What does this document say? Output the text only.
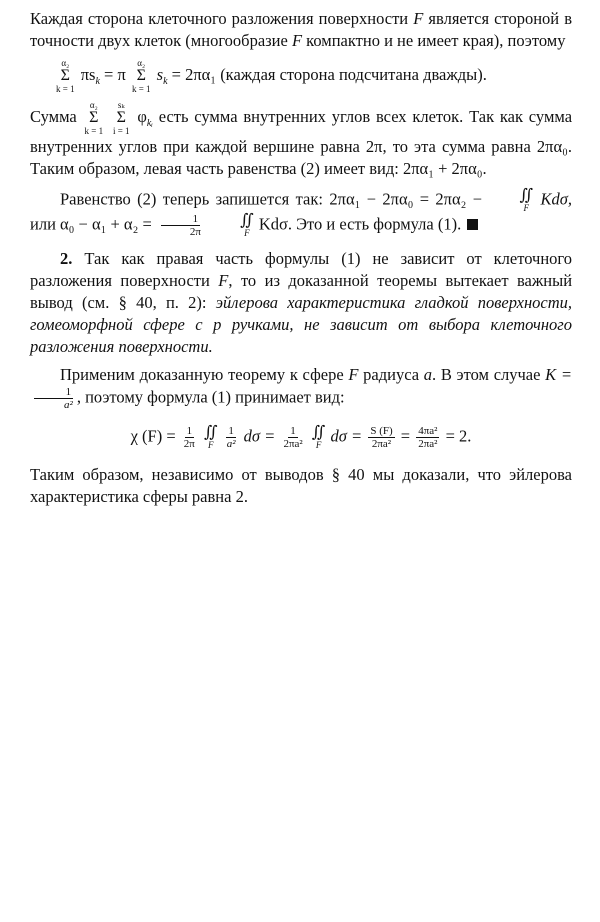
Каждая сторона клеточного разложения поверхности F является стороной в точности двух клеток (многообразие F компактно и не имеет края), поэтому

α₂
Σ
k = 1
$\pi s_k = \pi$
α₂
Σ
k = 1
$s_k = 2\pi\alpha_1$ (каждая сторона подсчитана дважды).

Сумма
α₂
Σ
k = 1

sₖ
Σ
i = 1
$\varphi_{kᵢ}$ есть сумма внутренних углов всех клеток. Так как сумма внутренних углов при каждой вершине равна 2π, то эта сумма равна 2πα₀. Таким образом, левая часть равенства (2) имеет вид: 2πα₁ + 2πα₀.

Равенство (2) теперь запишется так: 2πα₁ − 2πα₀ = 2πα₂ −	∬
F Kdσ, или $\alpha_0 - \alpha_1 + \alpha_2 = \frac{1}{2\pi}$
	∬
F Kdσ. Это и есть формула (1).

2. Так как правая часть формулы (1) не зависит от клеточного разложения поверхности F, то из доказанной теоремы вытекает важный вывод (см. § 40, п. 2): эйлерова характеристика гладкой поверхности, гомеоморфной сфере с p ручками, не зависит от выбора клеточного разложения поверхности.

Применим доказанную теорему к сфере F радиуса a. В этом случае K =
$\frac{1}{\text{a²}}$ , поэтому формула (1) принимает вид:

χ $(F) = \frac{1}{2\pi}$
∬
F
$\frac{1}{\text{a²}}$ $d\sigma = \frac{1}{\text{2πa²}}$
∬
F $d\sigma = \frac{S (F)}{\text{2πa²}} = \frac{\text{4πa²}}{\text{2πa²}} = 2$.

Таким образом, независимо от выводов § 40 мы доказали, что эйлерова характеристика сферы равна 2.
